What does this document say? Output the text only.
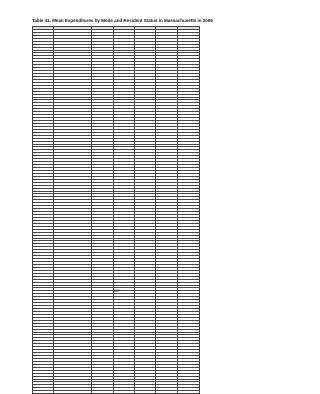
Table 41. Mean Expenditures by Mode and Resident Status in Massachusetts in 2006
Mode			Resident		Non-Resident	Per Person

102
